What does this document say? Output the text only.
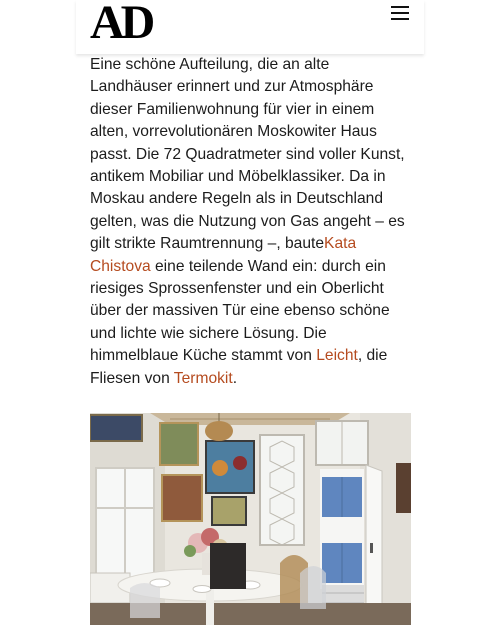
AD
Eine schöne Aufteilung, die an alte Landhäuser erinnert und zur Atmosphäre dieser Familienwohnung für vier in einem alten, vorrevolutionären Moskowiter Haus passt. Die 72 Quadratmeter sind voller Kunst, antikem Mobiliar und Möbelklassiker. Da in Moskau andere Regeln als in Deutschland gelten, was die Nutzung von Gas angeht – es gilt strikte Raumtrennung –, bauteKata Chistova eine teilende Wand ein: durch ein riesiges Sprossenfenster und ein Oberlicht über der massiven Tür eine ebenso schöne und lichte wie sichere Lösung. Die himmelblaue Küche stammt von Leicht, die Fliesen von Termokit.
